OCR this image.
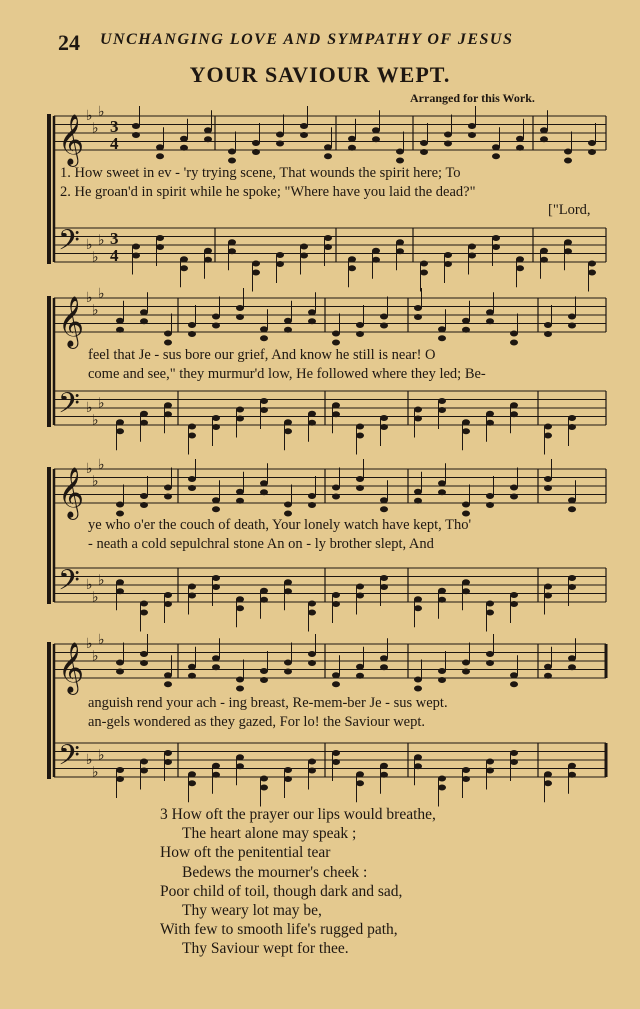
24 UNCHANGING LOVE AND SYMPATHY OF JESUS
YOUR SAVIOUR WEPT.
Arranged for this Work.
𝄞 ♭
♭
♭
3
4
𝄢 ♭
♭
♭ 3
4
1. How sweet in ev - 'ry trying scene, That wounds the spirit here; To
2. He groan'd in spirit while he spoke; "Where have you laid the dead?"
["Lord,
𝄞 ♭
♭
♭
𝄢 ♭
♭
♭
feel that Je - sus bore our grief, And know he still is near! O
come and see," they murmur'd low, He followed where they led; Be-
𝄞 ♭
♭
♭
𝄢 ♭
♭
♭
ye who o'er the couch of death, Your lonely watch have kept, Tho'
- neath a cold sepulchral stone An on - ly brother slept, And
𝄞 ♭
♭
♭
𝄢 ♭
♭
♭
anguish rend your ach - ing breast, Re-mem-ber Je - sus wept.
an-gels wondered as they gazed, For lo! the Saviour wept.
3 How oft the prayer our lips would breathe,
The heart alone may speak ;
How oft the penitential tear
Bedews the mourner's cheek :
Poor child of toil, though dark and sad,
Thy weary lot may be,
With few to smooth life's rugged path,
Thy Saviour wept for thee.
